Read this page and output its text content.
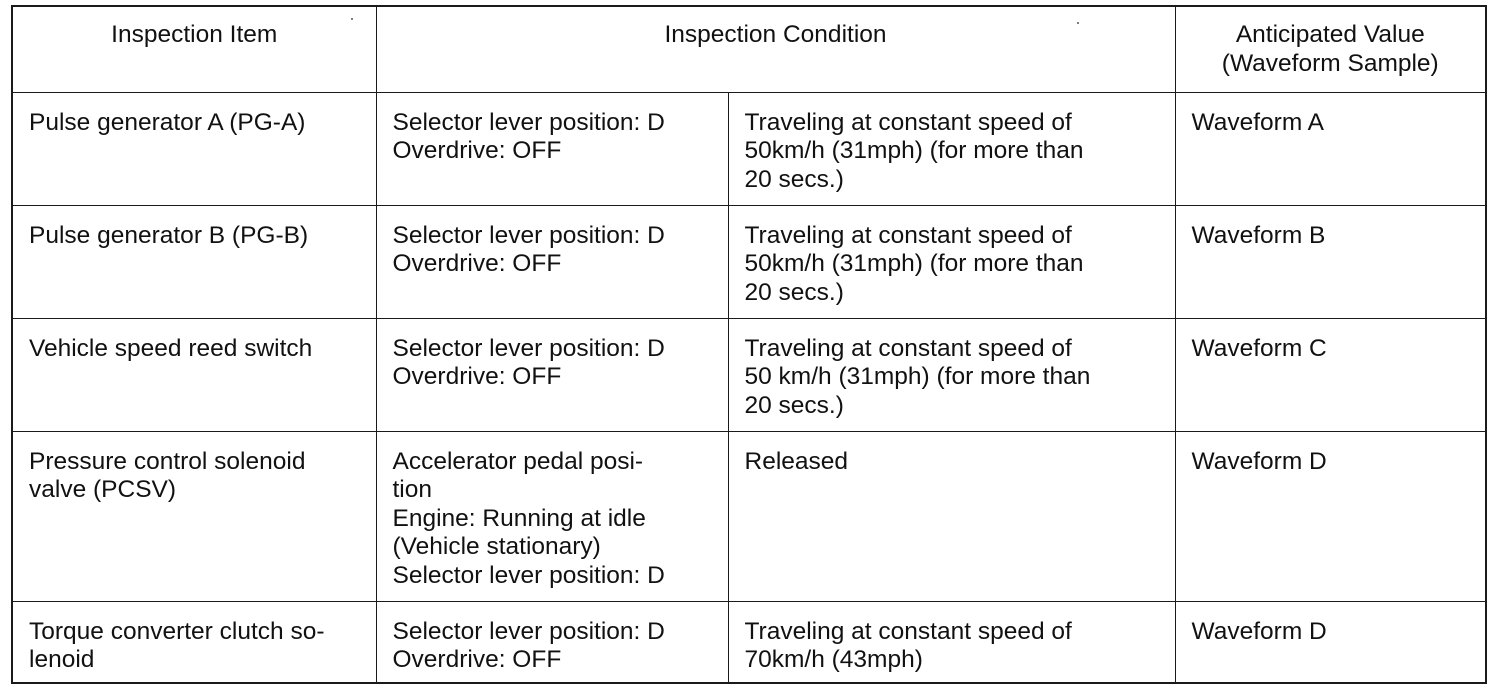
Inspection Item	Inspection Condition		Anticipated Value
(Waveform Sample)

Pulse generator A (PG-A)	Selector lever position: D
Overdrive: OFF	Traveling at constant speed of
50km/h (31mph) (for more than
20 secs.)	Waveform A

Pulse generator B (PG-B)	Selector lever position: D
Overdrive: OFF	Traveling at constant speed of
50km/h (31mph) (for more than
20 secs.)	Waveform B

Vehicle speed reed switch	Selector lever position: D
Overdrive: OFF	Traveling at constant speed of
50 km/h (31mph) (for more than
20 secs.)	Waveform C

Pressure control solenoid
valve (PCSV)	Accelerator pedal posi-
tion
Engine: Running at idle
(Vehicle stationary)
Selector lever position: D	Released	Waveform D

Torque converter clutch so-
lenoid	Selector lever position: D
Overdrive: OFF	Traveling at constant speed of
70km/h (43mph)	Waveform D
